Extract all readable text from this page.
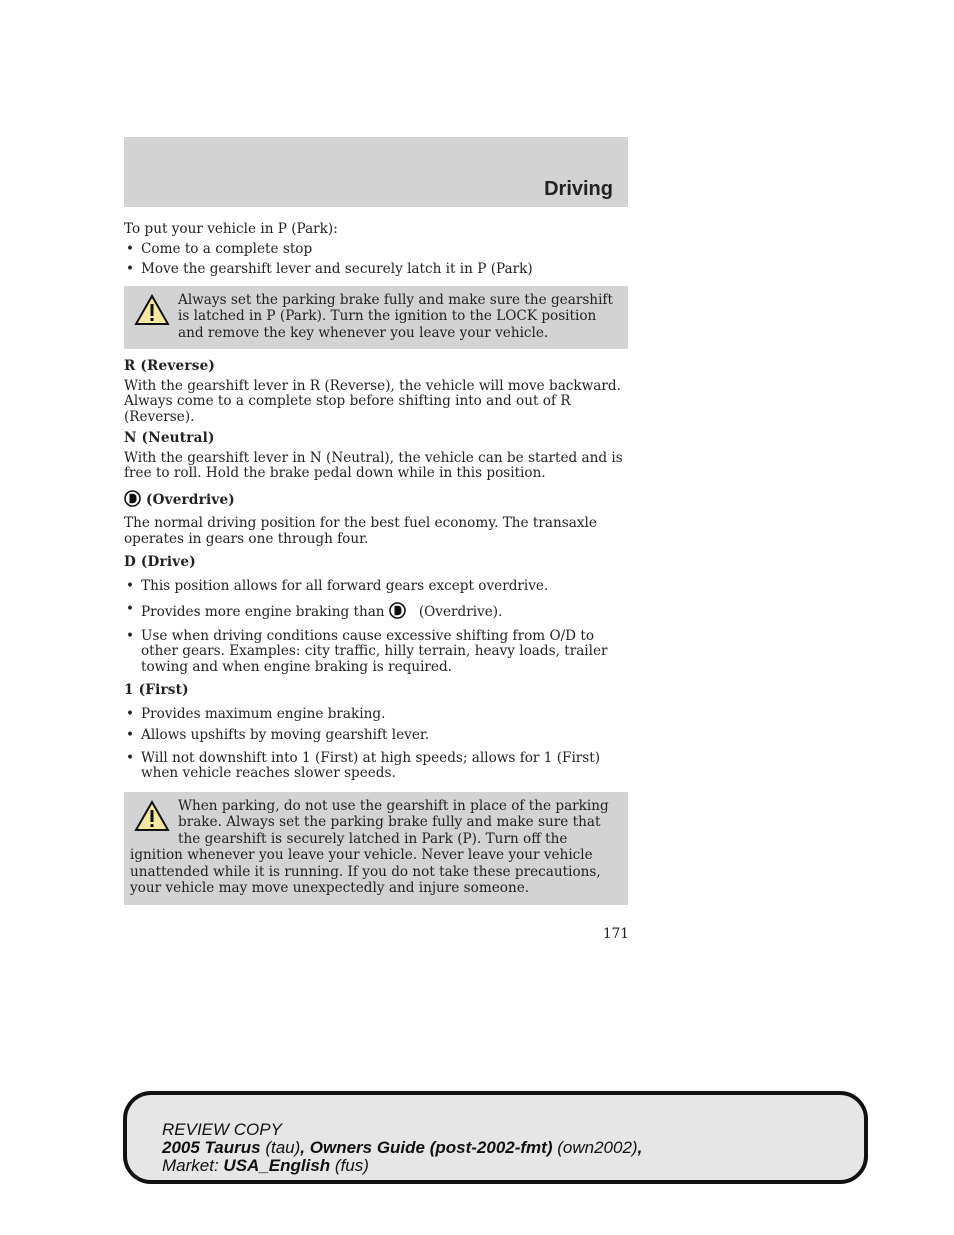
Driving

To put your vehicle in P (Park):

• Come to a complete stop
• Move the gearshift lever and securely latch it in P (Park)
Always set the parking brake fully and make sure the gearshift is latched in P (Park). Turn the ignition to the LOCK position and remove the key whenever you leave your vehicle.

R (Reverse)

With the gearshift lever in R (Reverse), the vehicle will move backward. Always come to a complete stop before shifting into and out of R (Reverse).

N (Neutral)

With the gearshift lever in N (Neutral), the vehicle can be started and is free to roll. Hold the brake pedal down while in this position.

(Overdrive)

The normal driving position for the best fuel economy. The transaxle operates in gears one through four.

D (Drive)

• This position allows for all forward gears except overdrive.
• Provides more engine braking than	(Overdrive).
• Use when driving conditions cause excessive shifting from O/D to other gears. Examples: city traffic, hilly terrain, heavy loads, trailer towing and when engine braking is required.

1 (First)

• Provides maximum engine braking.
• Allows upshifts by moving gearshift lever.
• Will not downshift into 1 (First) at high speeds; allows for 1 (First) when vehicle reaches slower speeds.
When parking, do not use the gearshift in place of the parking brake. Always set the parking brake fully and make sure that the gearshift is securely latched in Park (P). Turn off the ignition whenever you leave your vehicle. Never leave your vehicle unattended while it is running. If you do not take these precautions, your vehicle may move unexpectedly and injure someone.
171
REVIEW COPY
2005 Taurus (tau), Owners Guide (post-2002-fmt) (own2002),
Market: USA_English (fus)
